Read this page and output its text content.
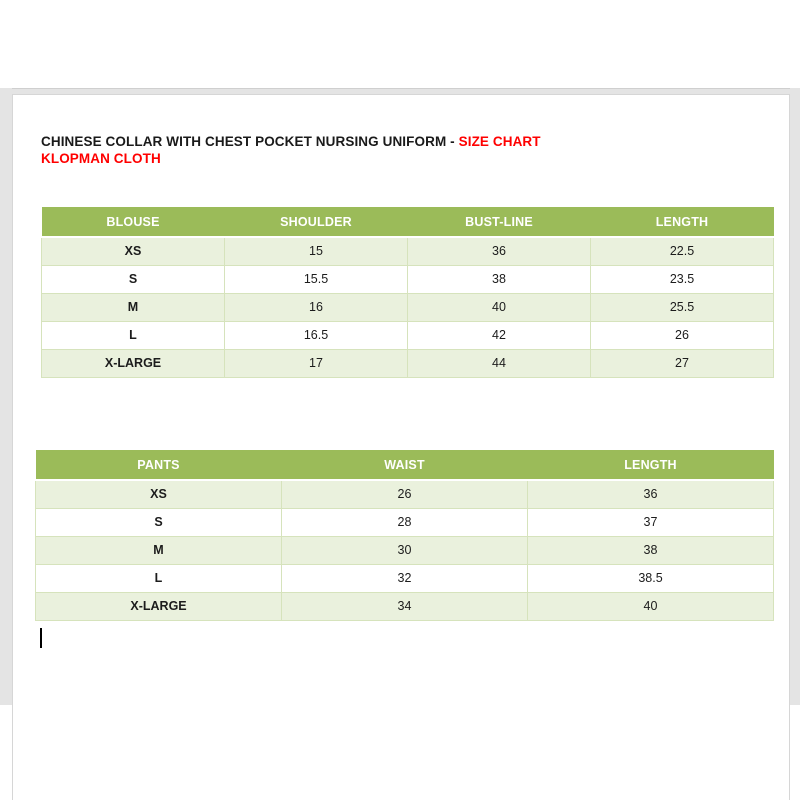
CHINESE COLLAR WITH CHEST POCKET NURSING UNIFORM - SIZE CHART
KLOPMAN CLOTH
BLOUSE	SHOULDER	BUST-LINE	LENGTH
XS	15	36	22.5
S	15.5	38	23.5
M	16	40	25.5
L	16.5	42	26
X-LARGE	17	44	27
PANTS	WAIST	LENGTH
XS	26	36
S	28	37
M	30	38
L	32	38.5
X-LARGE	34	40
